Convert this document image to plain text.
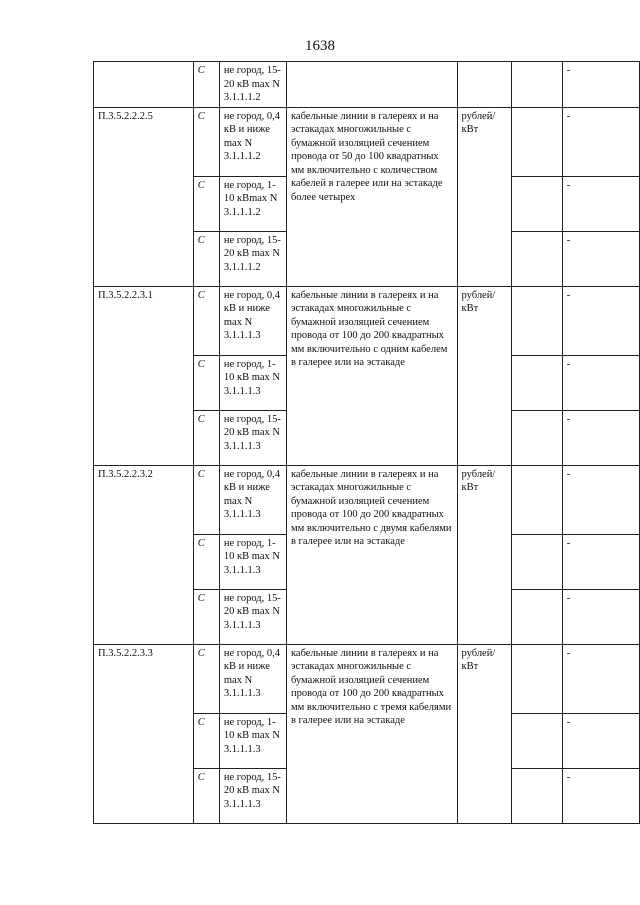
1638
	С	не город, 15-20 кВ max N 3.1.1.1.2				-
П.3.5.2.2.2.5	С	не город, 0,4 кВ и ниже max N 3.1.1.1.2	кабельные линии в галереях и на эстакадах многожильные с бумажной изоляцией сечением провода от 50 до 100 квадратных мм включительно с количеством кабелей в галерее или на эстакаде более четырех	рублей/ кВт		-
	С	не город, 1-10 кВmax N 3.1.1.1.2				-
	С	не город, 15-20 кВ max N 3.1.1.1.2				-
П.3.5.2.2.3.1	С	не город, 0,4 кВ и ниже max N 3.1.1.1.3	кабельные линии в галереях и на эстакадах многожильные с бумажной изоляцией сечением провода от 100 до 200 квадратных мм включительно с одним кабелем в галерее или на эстакаде	рублей/ кВт		-
	С	не город, 1-10 кВ max N 3.1.1.1.3				-
	С	не город, 15-20 кВ max N 3.1.1.1.3				-
П.3.5.2.2.3.2	С	не город, 0,4 кВ и ниже max N 3.1.1.1.3	кабельные линии в галереях и на эстакадах многожильные с бумажной изоляцией сечением провода от 100 до 200 квадратных мм включительно с двумя кабелями в галерее или на эстакаде	рублей/ кВт		-
	С	не город, 1-10 кВ max N 3.1.1.1.3				-
	С	не город, 15-20 кВ max N 3.1.1.1.3				-
П.3.5.2.2.3.3	С	не город, 0,4 кВ и ниже max N 3.1.1.1.3	кабельные линии в галереях и на эстакадах многожильные с бумажной изоляцией сечением провода от 100 до 200 квадратных мм включительно с тремя кабелями в галерее или на эстакаде	рублей/ кВт		-
	С	не город, 1-10 кВ max N 3.1.1.1.3				-
	С	не город, 15-20 кВ max N 3.1.1.1.3				-
